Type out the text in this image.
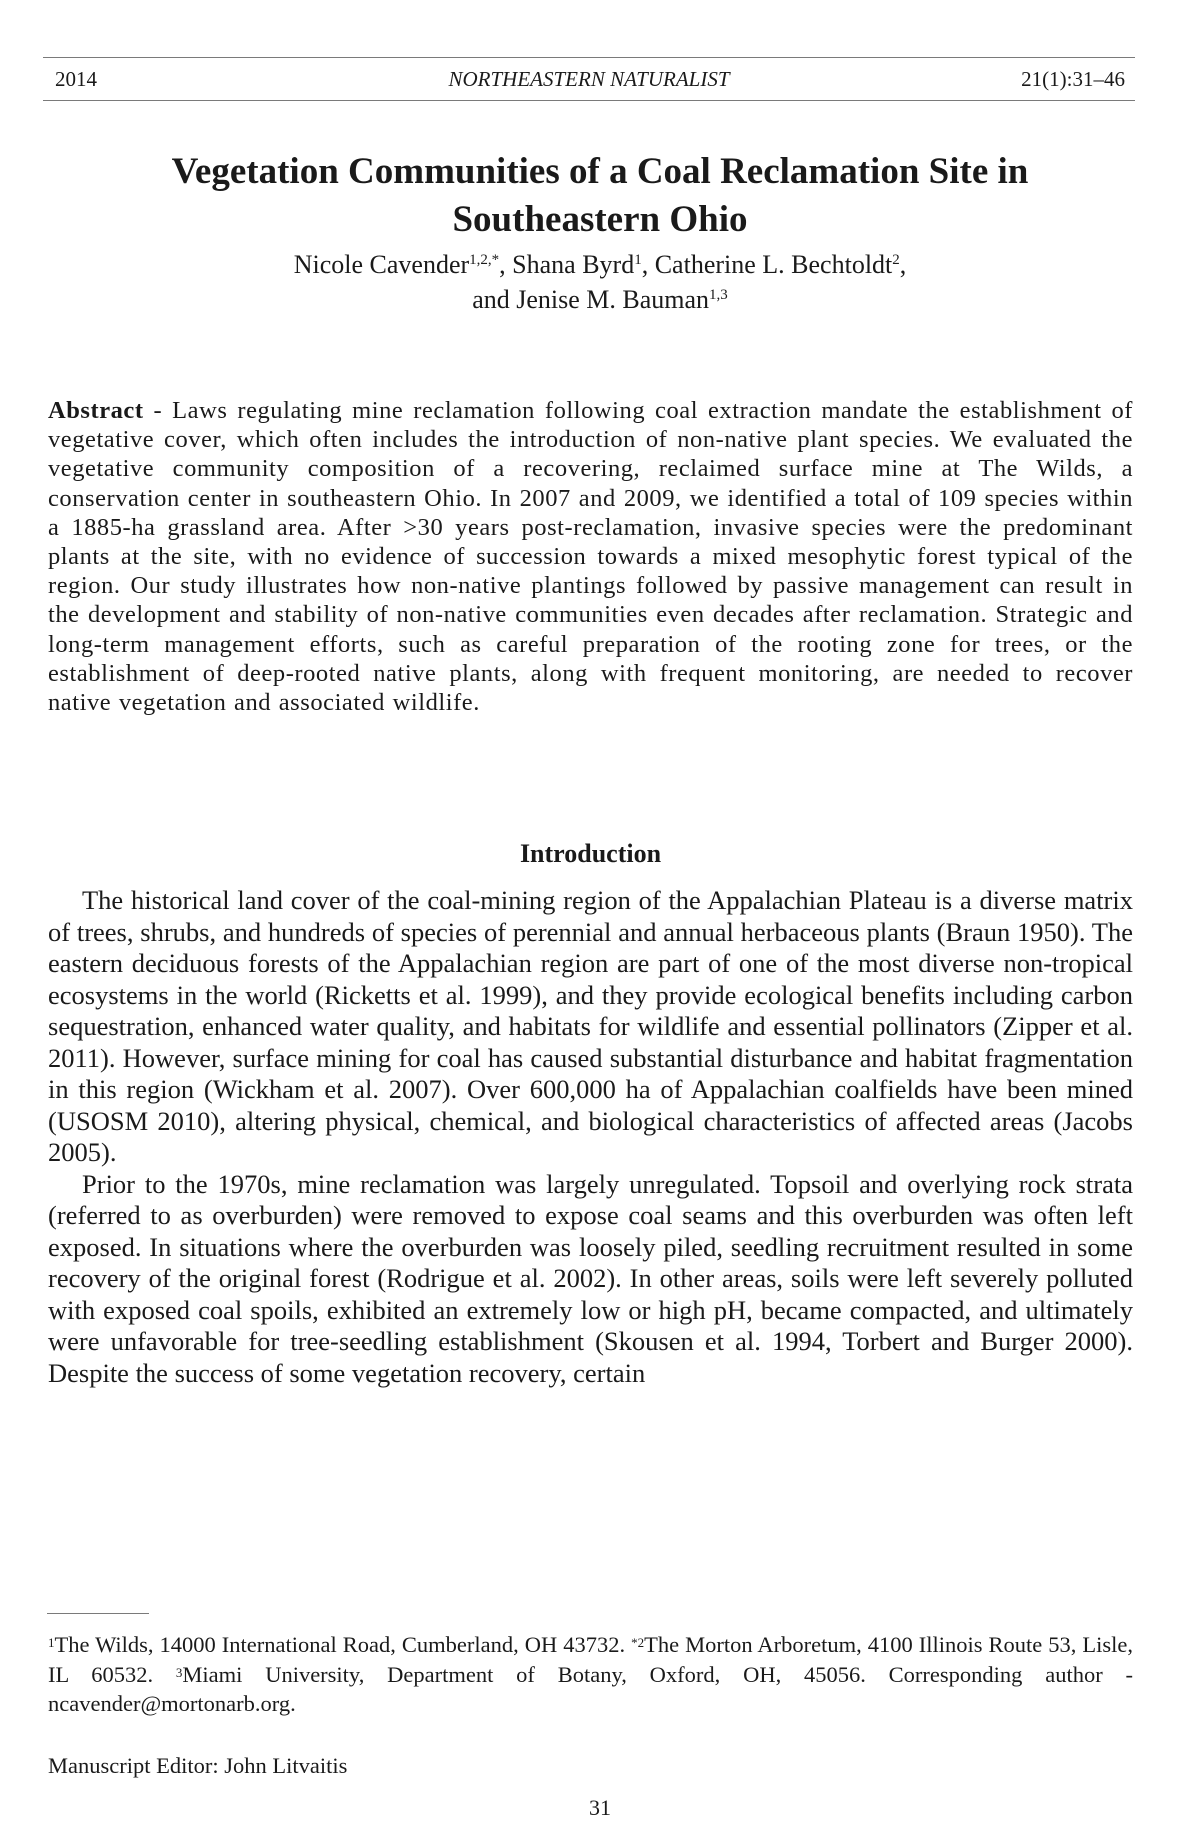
2014	NORTHEASTERN NATURALIST	21(1):31–46
Vegetation Communities of a Coal Reclamation Site in
Southeastern Ohio
Nicole Cavender$^{1,2,*}$, Shana Byrd$^1$, Catherine L. Bechtoldt$^2$,
and Jenise M. Bauman$^{1,3}$

Abstract - Laws regulating mine reclamation following coal extraction mandate the establishment of vegetative cover, which often includes the introduction of non-native plant species. We evaluated the vegetative community composition of a recovering, reclaimed surface mine at The Wilds, a conservation center in southeastern Ohio. In 2007 and 2009, we identified a total of 109 species within a 1885-ha grassland area. After >30 years post-reclamation, invasive species were the predominant plants at the site, with no evidence of succession towards a mixed mesophytic forest typical of the region. Our study illustrates how non-native plantings followed by passive management can result in the development and stability of non-native communities even decades after reclamation. Strategic and long-term management efforts, such as careful preparation of the rooting zone for trees, or the establishment of deep-rooted native plants, along with frequent monitoring, are needed to recover native vegetation and associated wildlife.

Introduction

The historical land cover of the coal-mining region of the Appalachian Plateau is a diverse matrix of trees, shrubs, and hundreds of species of perennial and annual herbaceous plants (Braun 1950). The eastern deciduous forests of the Appalachian region are part of one of the most diverse non-tropical ecosystems in the world (Ricketts et al. 1999), and they provide ecological benefits including carbon sequestration, enhanced water quality, and habitats for wildlife and essential pollinators (Zipper et al. 2011). However, surface mining for coal has caused substantial disturbance and habitat fragmentation in this region (Wickham et al. 2007). Over 600,000 ha of Appalachian coalfields have been mined (USOSM 2010), altering physical, chemical, and biological characteristics of affected areas (Jacobs 2005).

Prior to the 1970s, mine reclamation was largely unregulated. Topsoil and overlying rock strata (referred to as overburden) were removed to expose coal seams and this overburden was often left exposed. In situations where the overburden was loosely piled, seedling recruitment resulted in some recovery of the original forest (Rodrigue et al. 2002). In other areas, soils were left severely polluted with exposed coal spoils, exhibited an extremely low or high pH, became compacted, and ultimately were unfavorable for tree-seedling establishment (Skousen et al. 1994, Torbert and Burger 2000). Despite the success of some vegetation recovery, certain

$^1$The Wilds, 14000 International Road, Cumberland, OH 43732. $^{*2}$The Morton Arboretum, 4100 Illinois Route 53, Lisle, IL 60532. $^3$Miami University, Department of Botany, Oxford, OH, 45056. Corresponding author - ncavender@mortonarb.org.

Manuscript Editor: John Litvaitis

31
